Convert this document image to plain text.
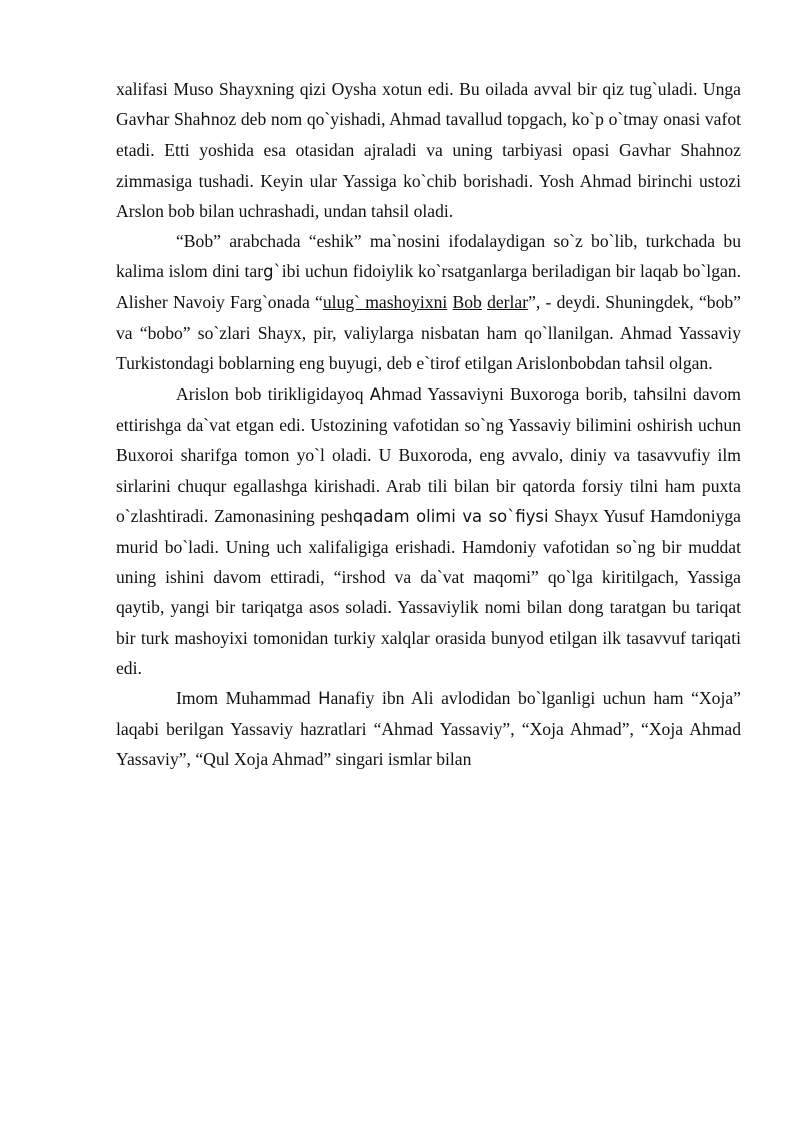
xalifasi Muso Shayxning qizi Oysha xotun edi. Bu oilada avval bir qiz tug`uladi. Unga Gavhar Shahnoz deb nom qo`yishadi, Ahmad tavallud topgach, ko`p o`tmay onasi vafot etadi. Etti yoshida esa otasidan ajraladi va uning tarbiyasi opasi Gavhar Shahnoz zimmasiga tushadi. Keyin ular Yassiga ko`chib borishadi. Yosh Ahmad birinchi ustozi Arslon bob bilan uchrashadi, undan tahsil oladi.

“Bob” arabchada “eshik” ma`nosini ifodalaydigan so`z bo`lib, turkchada bu kalima islom dini targ`ibi uchun fidoiylik ko`rsatganlarga beriladigan bir laqab bo`lgan. Alisher Navoiy Farg`onada “ulug` mashoyixni Bob derlar”, - deydi. Shuningdek, “bob” va “bobo” so`zlari Shayx, pir, valiylarga nisbatan ham qo`llanilgan. Ahmad Yassaviy Turkistondagi boblarning eng buyugi, deb e`tirof etilgan Arislonbobdan tahsil olgan.

Arislon bob tirikligidayoq Ahmad Yassaviyni Buxoroga borib, tahsilni davom ettirishga da`vat etgan edi. Ustozining vafotidan so`ng Yassaviy bilimini oshirish uchun Buxoroi sharifga tomon yo`l oladi. U Buxoroda, eng avvalo, diniy va tasavvufiy ilm sirlarini chuqur egallashga kirishadi. Arab tili bilan bir qatorda forsiy tilni ham puxta o`zlashtiradi. Zamonasining peshqadam olimi va so`fiysi Shayx Yusuf Hamdoniyga murid bo`ladi. Uning uch xalifaligiga erishadi. Hamdoniy vafotidan so`ng bir muddat uning ishini davom ettiradi, “irshod va da`vat maqomi” qo`lga kiritilgach, Yassiga qaytib, yangi bir tariqatga asos soladi. Yassaviylik nomi bilan dong taratgan bu tariqat bir turk mashoyixi tomonidan turkiy xalqlar orasida bunyod etilgan ilk tasavvuf tariqati edi.

Imom Muhammad Hanafiy ibn Ali avlodidan bo`lganligi uchun ham “Xoja” laqabi berilgan Yassaviy hazratlari “Ahmad Yassaviy”, “Xoja Ahmad”, “Xoja Ahmad Yassaviy”, “Qul Xoja Ahmad” singari ismlar bilan
